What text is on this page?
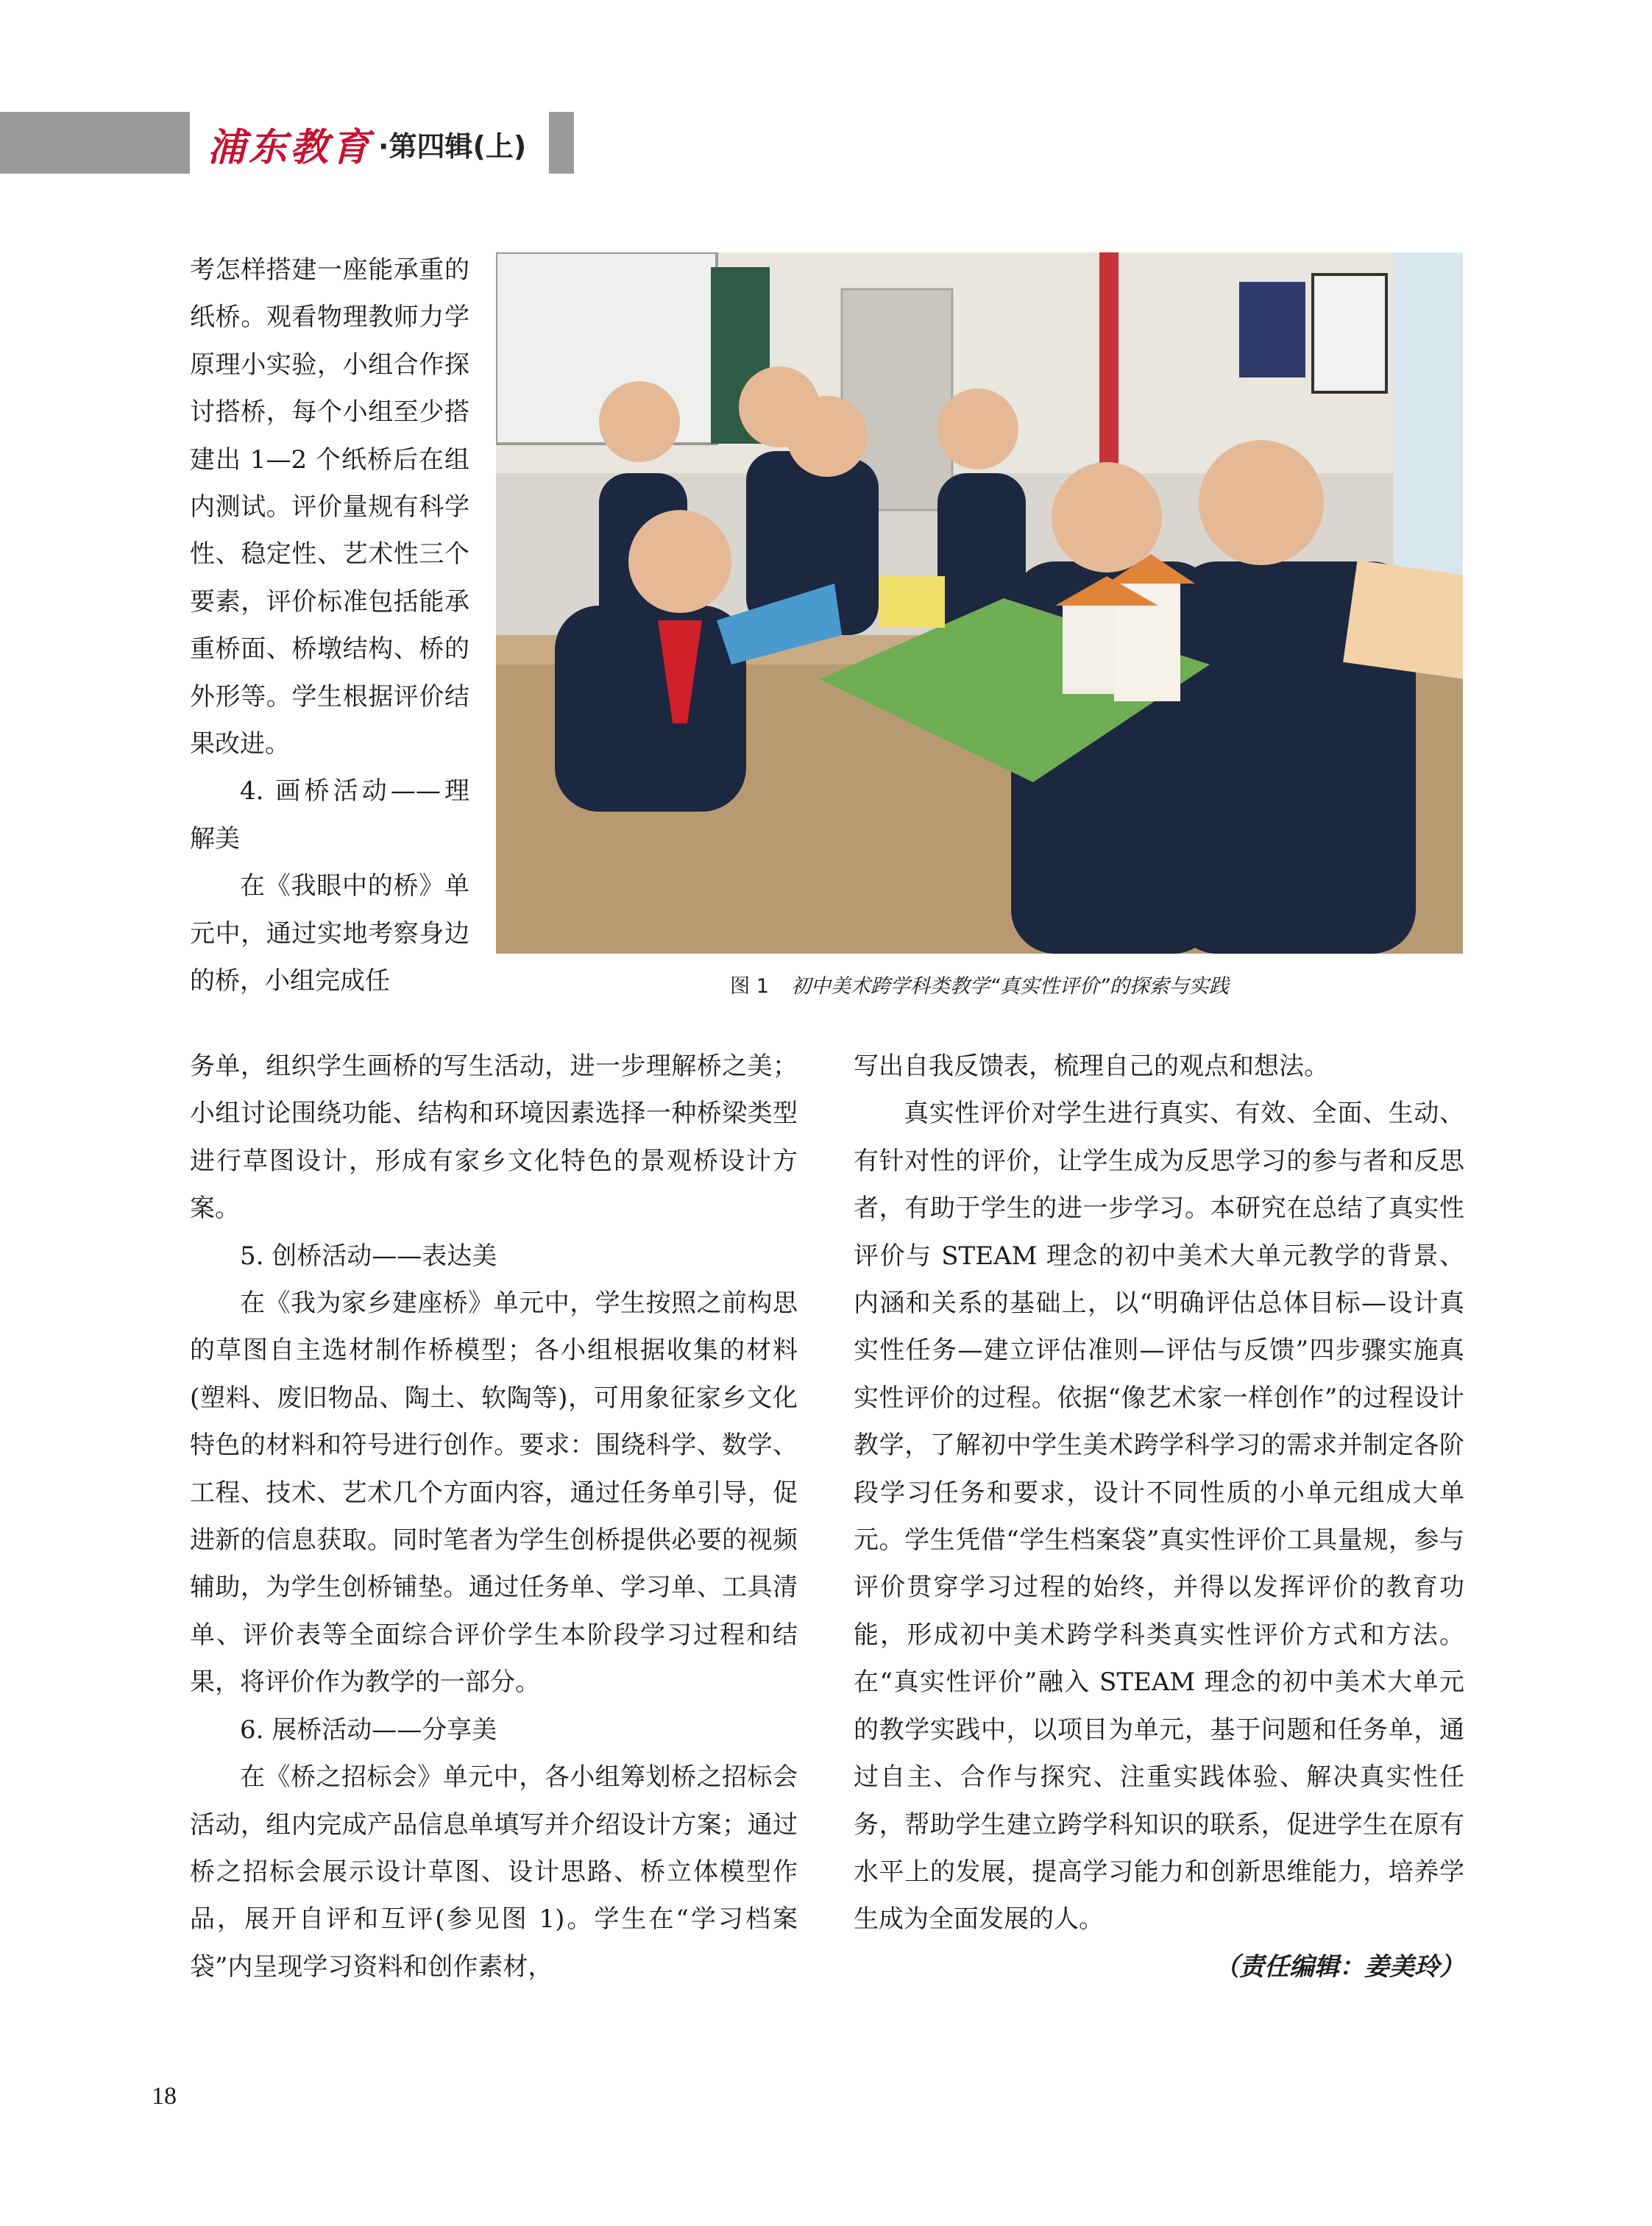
浦东教育 ·第四辑(上)

考怎样搭建一座能承重的纸桥。观看物理教师力学原理小实验，小组合作探讨搭桥，每个小组至少搭建出 1—2 个纸桥后在组内测试。评价量规有科学性、稳定性、艺术性三个要素，评价标准包括能承重桥面、桥墩结构、桥的外形等。学生根据评价结果改进。

4. 画桥活动——理解美

在《我眼中的桥》单元中，通过实地考察身边的桥，小组完成任	图 1 初中美术跨学科类教学“真实性评价”的探索与实践

务单，组织学生画桥的写生活动，进一步理解桥之美；小组讨论围绕功能、结构和环境因素选择一种桥梁类型进行草图设计，形成有家乡文化特色的景观桥设计方案。

5. 创桥活动——表达美

在《我为家乡建座桥》单元中，学生按照之前构思的草图自主选材制作桥模型；各小组根据收集的材料(塑料、废旧物品、陶土、软陶等)，可用象征家乡文化特色的材料和符号进行创作。要求：围绕科学、数学、工程、技术、艺术几个方面内容，通过任务单引导，促进新的信息获取。同时笔者为学生创桥提供必要的视频辅助，为学生创桥铺垫。通过任务单、学习单、工具清单、评价表等全面综合评价学生本阶段学习过程和结果，将评价作为教学的一部分。

6. 展桥活动——分享美

在《桥之招标会》单元中，各小组筹划桥之招标会活动，组内完成产品信息单填写并介绍设计方案；通过桥之招标会展示设计草图、设计思路、桥立体模型作品，展开自评和互评(参见图 1)。学生在“学习档案袋”内呈现学习资料和创作素材，

写出自我反馈表，梳理自己的观点和想法。

真实性评价对学生进行真实、有效、全面、生动、有针对性的评价，让学生成为反思学习的参与者和反思者，有助于学生的进一步学习。本研究在总结了真实性评价与 STEAM 理念的初中美术大单元教学的背景、内涵和关系的基础上，以“明确评估总体目标—设计真实性任务—建立评估准则—评估与反馈”四步骤实施真实性评价的过程。依据“像艺术家一样创作”的过程设计教学，了解初中学生美术跨学科学习的需求并制定各阶段学习任务和要求，设计不同性质的小单元组成大单元。学生凭借“学生档案袋”真实性评价工具量规，参与评价贯穿学习过程的始终，并得以发挥评价的教育功能，形成初中美术跨学科类真实性评价方式和方法。在“真实性评价”融入 STEAM 理念的初中美术大单元的教学实践中，以项目为单元，基于问题和任务单，通过自主、合作与探究、注重实践体验、解决真实性任务，帮助学生建立跨学科知识的联系，促进学生在原有水平上的发展，提高学习能力和创新思维能力，培养学生成为全面发展的人。

（责任编辑：姜美玲）
18
